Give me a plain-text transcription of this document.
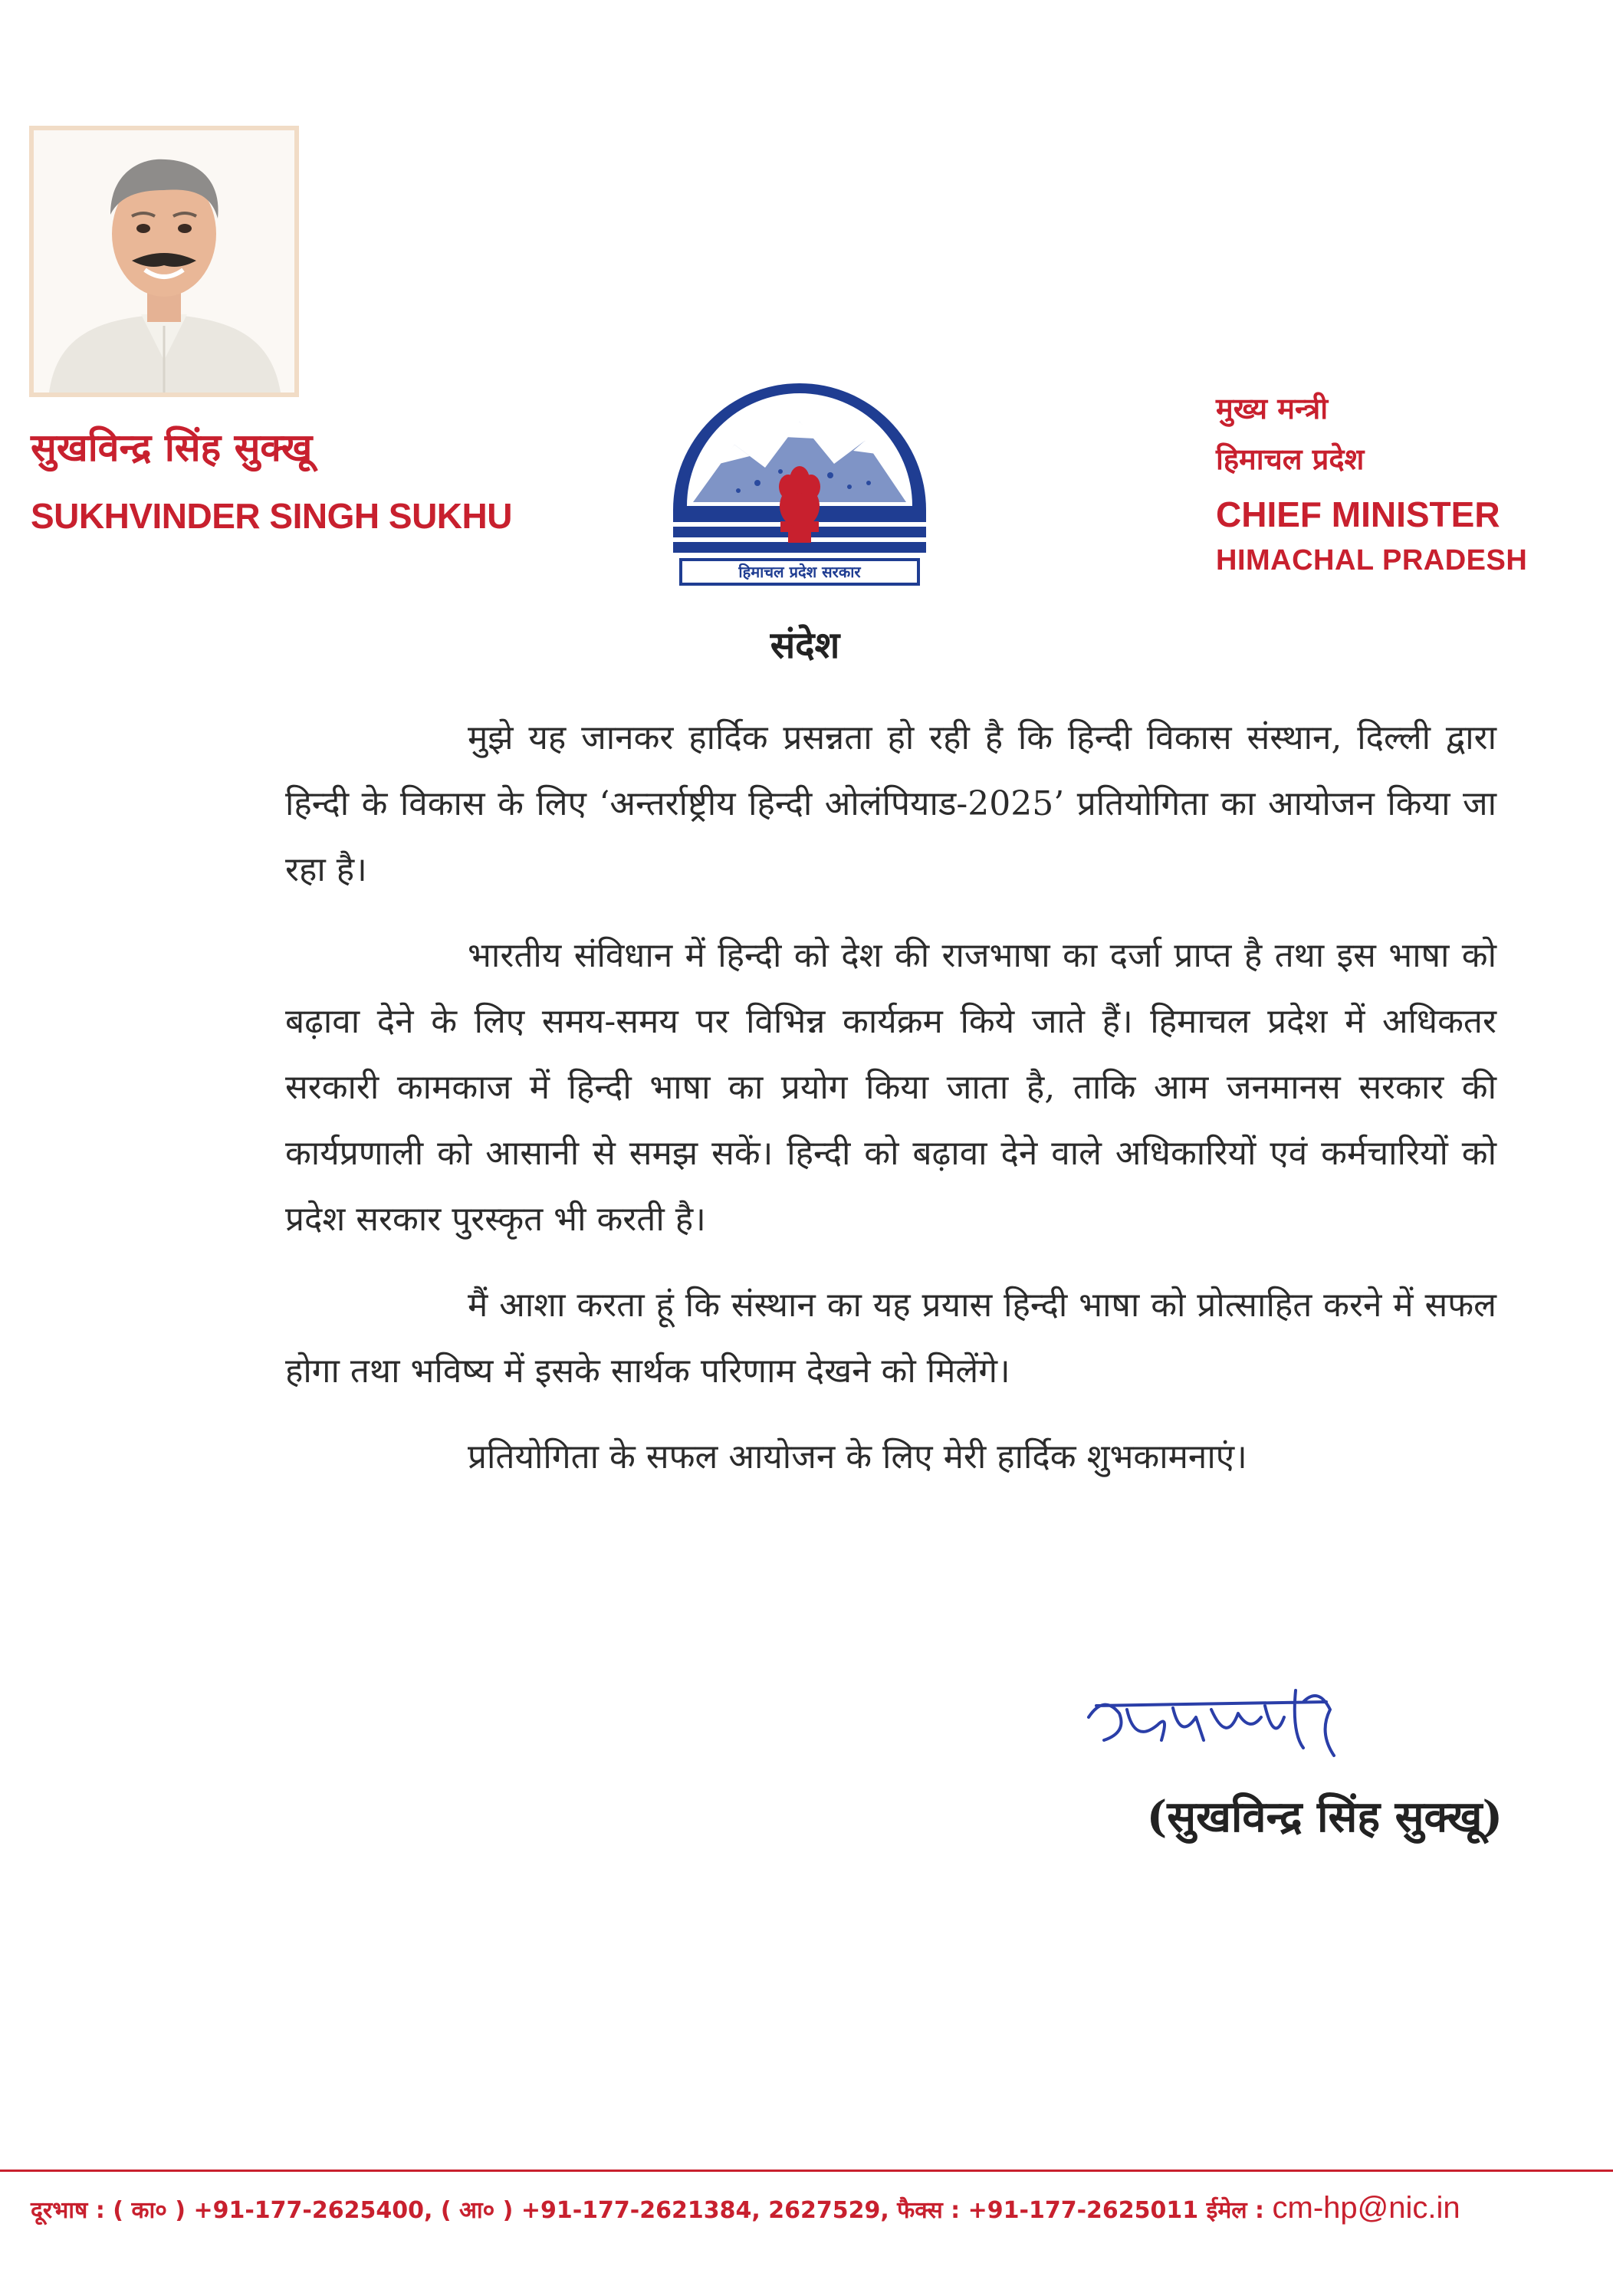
सुखविन्द्र सिंह सुक्खू
SUKHVINDER SINGH SUKHU
हिमाचल प्रदेश सरकार
मुख्य मन्त्री
हिमाचल प्रदेश
CHIEF MINISTER
HIMACHAL PRADESH
संदेश

मुझे यह जानकर हार्दिक प्रसन्नता हो रही है कि हिन्दी विकास संस्थान, दिल्ली द्वारा हिन्दी के विकास के लिए ‘अन्तर्राष्ट्रीय हिन्दी ओलंपियाड-2025’ प्रतियोगिता का आयोजन किया जा रहा है।

भारतीय संविधान में हिन्दी को देश की राजभाषा का दर्जा प्राप्त है तथा इस भाषा को बढ़ावा देने के लिए समय-समय पर विभिन्न कार्यक्रम किये जाते हैं। हिमाचल प्रदेश में अधिकतर सरकारी कामकाज में हिन्दी भाषा का प्रयोग किया जाता है, ताकि आम जनमानस सरकार की कार्यप्रणाली को आसानी से समझ सकें। हिन्दी को बढ़ावा देने वाले अधिकारियों एवं कर्मचारियों को प्रदेश सरकार पुरस्कृत भी करती है।

मैं आशा करता हूं कि संस्थान का यह प्रयास हिन्दी भाषा को प्रोत्साहित करने में सफल होगा तथा भविष्य में इसके सार्थक परिणाम देखने को मिलेंगे।

प्रतियोगिता के सफल आयोजन के लिए मेरी हार्दिक शुभकामनाएं।

(सुखविन्द्र सिंह सुक्खू)
दूरभाष : ( का० ) +91-177-2625400, ( आ० ) +91-177-2621384, 2627529, फैक्स : +91-177-2625011 ईमेल : cm-hp@nic.in
